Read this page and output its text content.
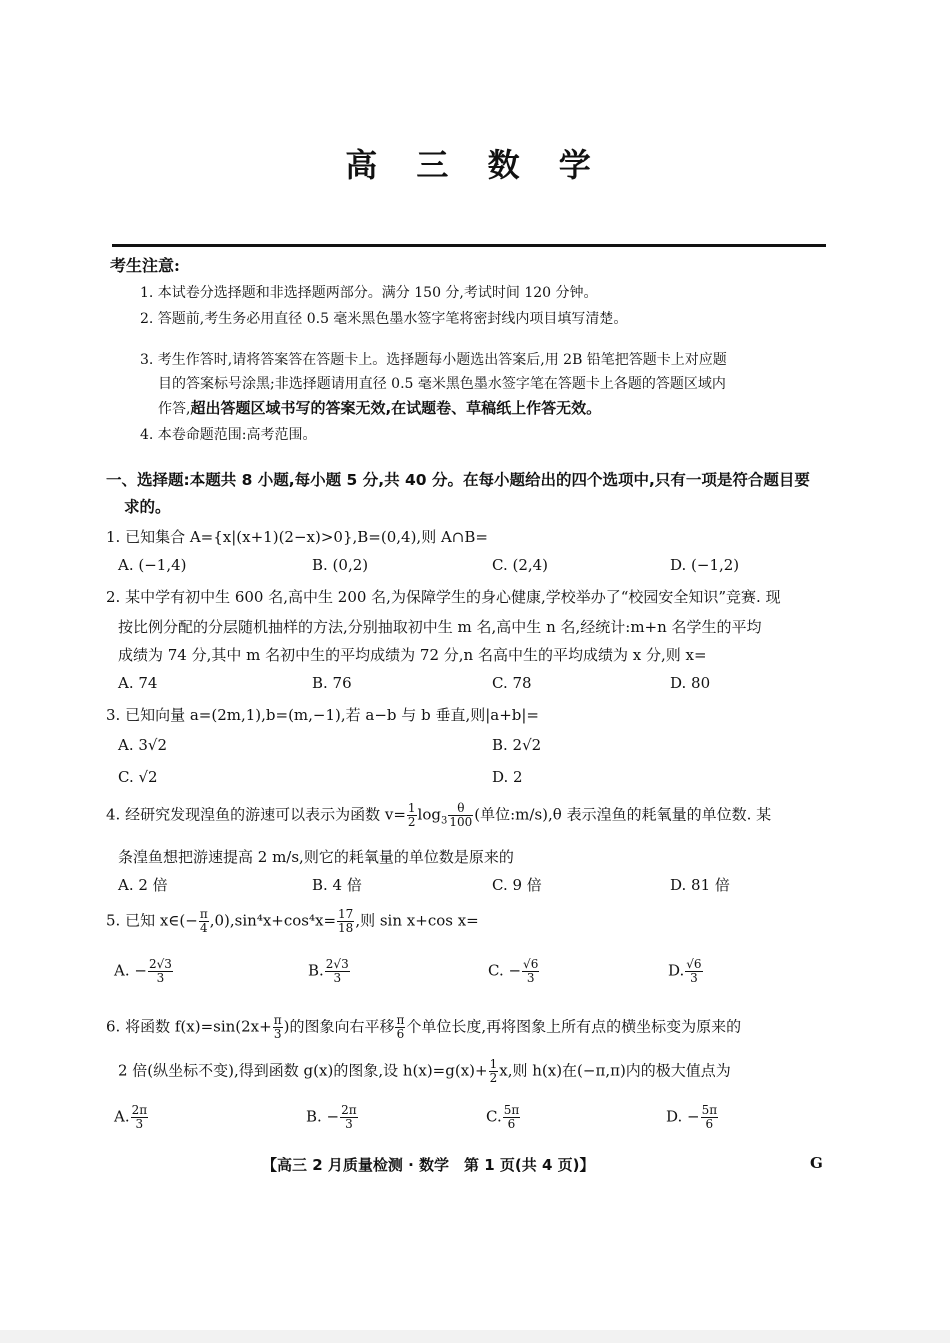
高 三 数 学
考生注意:
1. 本试卷分选择题和非选择题两部分。满分 150 分,考试时间 120 分钟。
2. 答题前,考生务必用直径 0.5 毫米黑色墨水签字笔将密封线内项目填写清楚。
3. 考生作答时,请将答案答在答题卡上。选择题每小题选出答案后,用 2B 铅笔把答题卡上对应题
目的答案标号涂黑;非选择题请用直径 0.5 毫米黑色墨水签字笔在答题卡上各题的答题区域内
作答,超出答题区域书写的答案无效,在试题卷、草稿纸上作答无效。
4. 本卷命题范围:高考范围。
一、选择题:本题共 8 小题,每小题 5 分,共 40 分。在每小题给出的四个选项中,只有一项是符合题目要
求的。
1. 已知集合 A={x|(x+1)(2−x)>0},B=(0,4),则 A∩B=
A. (−1,4)	B. (0,2)	C. (2,4)	D. (−1,2)
2. 某中学有初中生 600 名,高中生 200 名,为保障学生的身心健康,学校举办了“校园安全知识”竞赛. 现
按比例分配的分层随机抽样的方法,分别抽取初中生 m 名,高中生 n 名,经统计:m+n 名学生的平均
成绩为 74 分,其中 m 名初中生的平均成绩为 72 分,n 名高中生的平均成绩为 x 分,则 x=
A. 74	B. 76	C. 78	D. 80
3. 已知向量 a=(2m,1),b=(m,−1),若 a−b 与 b 垂直,则|a+b|=
A. 3√2	B. 2√2
C. √2	D. 2
4. 经研究发现湟鱼的游速可以表示为函数 $v= \frac{1}{2} \log_3 \frac{\theta}{100}$ (单位:m/s),θ 表示湟鱼的耗氧量的单位数. 某
条湟鱼想把游速提高 2 m/s,则它的耗氧量的单位数是原来的
A. 2 倍	B. 4 倍	C. 9 倍	D. 81 倍
5. 已知 x∈(− $\frac{\pi}{4} ,0),\sin^4x+\cos^4x= \frac{17}{18}$ ,则 sin x+cos x=
A. − $\frac{2√3}{3}$	B. $\frac{2√3}{3}$	C. − $\frac{√6}{3}$	D. $\frac{√6}{3}$
6. 将函数 $f(x)=\sin(2x+ \frac{\pi}{3}$ )的图象向右平移 $\frac{\pi}{6}$ 个单位长度,再将图象上所有点的横坐标变为原来的
2 倍(纵坐标不变),得到函数 g(x)的图象,设 $h(x)=g(x)+ \frac{1}{2} x$,则 h(x)在(−π,π)内的极大值点为
A. $\frac{2\pi}{3}$	B. − $\frac{2\pi}{3}$	C. $\frac{5\pi}{6}$	D. − $\frac{5\pi}{6}$
【高三 2 月质量检测 · 数学　第 1 页(共 4 页)】	G
